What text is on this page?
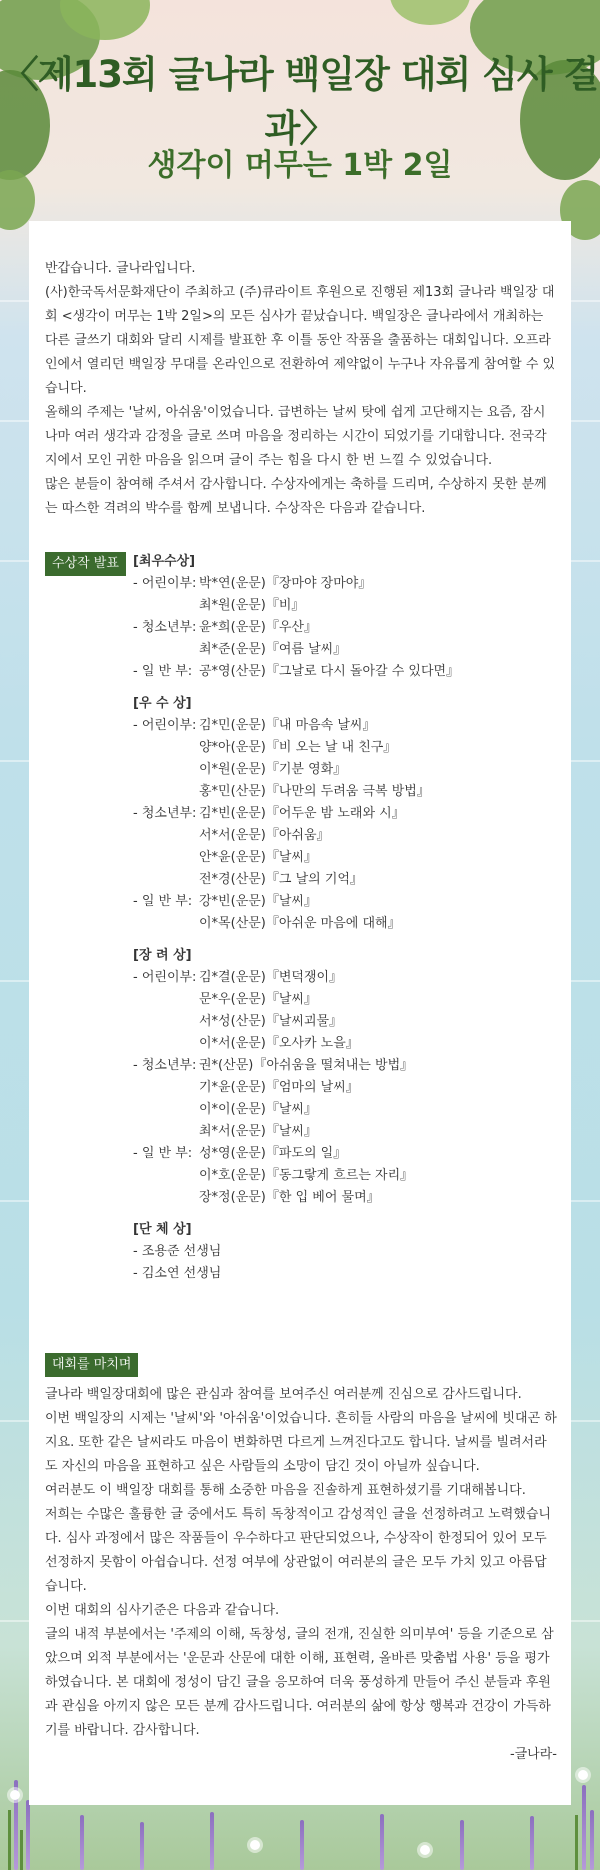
〈제13회 글나라 백일장 대회 심사 결과〉
생각이 머무는 1박 2일

반갑습니다. 글나라입니다.

(사)한국독서문화재단이 주최하고 (주)큐라이트 후원으로 진행된 제13회 글나라 백일장 대회 <생각이 머무는 1박 2일>의 모든 심사가 끝났습니다. 백일장은 글나라에서 개최하는 다른 글쓰기 대회와 달리 시제를 발표한 후 이틀 동안 작품을 출품하는 대회입니다. 오프라인에서 열리던 백일장 무대를 온라인으로 전환하여 제약없이 누구나 자유롭게 참여할 수 있습니다.

올해의 주제는 '날씨, 아쉬움'이었습니다. 급변하는 날씨 탓에 쉽게 고단해지는 요즘, 잠시나마 여러 생각과 감정을 글로 쓰며 마음을 정리하는 시간이 되었기를 기대합니다. 전국각지에서 모인 귀한 마음을 읽으며 글이 주는 힘을 다시 한 번 느낄 수 있었습니다.

많은 분들이 참여해 주셔서 감사합니다. 수상자에게는 축하를 드리며, 수상하지 못한 분께는 따스한 격려의 박수를 함께 보냅니다. 수상작은 다음과 같습니다.

수상작 발표	[최우수상]

- 어린이부: 박*연(운문)『장마야 장마야』
최*원(운문)『비』
- 청소년부: 윤*희(운문)『우산』
최*준(운문)『여름 날씨』
- 일 반 부: 공*영(산문)『그날로 다시 돌아갈 수 있다면』

[우 수 상]

- 어린이부: 김*민(운문)『내 마음속 날씨』
양*아(운문)『비 오는 날 내 친구』
이*원(운문)『기분 영화』
홍*민(산문)『나만의 두려움 극복 방법』
- 청소년부: 김*빈(운문)『어두운 밤 노래와 시』
서*서(운문)『아쉬움』
안*윤(운문)『날씨』
전*경(산문)『그 날의 기억』
- 일 반 부: 강*빈(운문)『날씨』
이*목(산문)『아쉬운 마음에 대해』

[장 려 상]

- 어린이부: 김*결(운문)『변덕쟁이』
문*우(운문)『날씨』
서*성(산문)『날씨괴물』
이*서(운문)『오사카 노을』
- 청소년부: 권*(산문)『아쉬움을 떨쳐내는 방법』
기*윤(운문)『엄마의 날씨』
이*이(운문)『날씨』
최*서(운문)『날씨』
- 일 반 부: 성*영(운문)『파도의 일』
이*호(운문)『동그랗게 흐르는 자리』
장*정(운문)『한 입 베어 물며』

[단 체 상]

- 조용준 선생님

- 김소연 선생님

대회를 마치며

글나라 백일장대회에 많은 관심과 참여를 보여주신 여러분께 진심으로 감사드립니다.

이번 백일장의 시제는 '날씨'와 '아쉬움'이었습니다. 흔히들 사람의 마음을 날씨에 빗대곤 하지요. 또한 같은 날씨라도 마음이 변화하면 다르게 느껴진다고도 합니다. 날씨를 빌려서라도 자신의 마음을 표현하고 싶은 사람들의 소망이 담긴 것이 아닐까 싶습니다.

여러분도 이 백일장 대회를 통해 소중한 마음을 진솔하게 표현하셨기를 기대해봅니다.

저희는 수많은 훌륭한 글 중에서도 특히 독창적이고 감성적인 글을 선정하려고 노력했습니다. 심사 과정에서 많은 작품들이 우수하다고 판단되었으나, 수상작이 한정되어 있어 모두 선정하지 못함이 아쉽습니다. 선정 여부에 상관없이 여러분의 글은 모두 가치 있고 아름답습니다.

이번 대회의 심사기준은 다음과 같습니다.

글의 내적 부분에서는 '주제의 이해, 독창성, 글의 전개, 진실한 의미부여' 등을 기준으로 삼았으며 외적 부분에서는 '운문과 산문에 대한 이해, 표현력, 올바른 맞춤법 사용' 등을 평가하였습니다. 본 대회에 정성이 담긴 글을 응모하여 더욱 풍성하게 만들어 주신 분들과 후원과 관심을 아끼지 않은 모든 분께 감사드립니다. 여러분의 삶에 항상 행복과 건강이 가득하기를 바랍니다. 감사합니다.

-글나라-
